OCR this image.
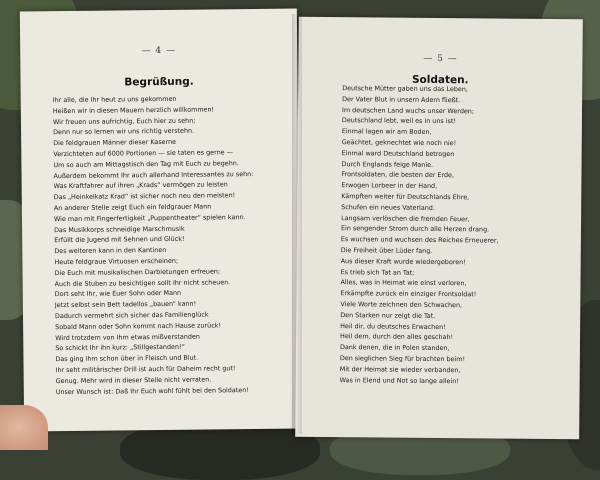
— 4 —
Begrüßung.
Ihr alle, die Ihr heut zu uns gekommen
Heißen wir in diesen Mauern herzlich willkommen!
Wir freuen uns aufrichtig, Euch hier zu sehn;
Denn nur so lernen wir uns richtig verstehn.
Die feldgrauen Männer dieser Kaserne
Verzichteten auf 6000 Portionen — sie taten es gerne —
Um so auch am Mittagstisch den Tag mit Euch zu begehn.
Außerdem bekommt Ihr auch allerhand Interessantes zu sehn:
Was Kraftfahrer auf ihren „Krads“ vermögen zu leisten
Das „Heinkelkatz Krad“ ist sicher noch neu den meisten!
An anderer Stelle zeigt Euch ein feldgrauer Mann
Wie man mit Fingerfertigkeit „Puppentheater“ spielen kann.
Das Musikkorps schneidige Marschmusik
Erfüllt die Jugend mit Sehnen und Glück!
Des weiteren kann in den Kantinen
Heute feldgraue Virtuosen erscheinen;
Die Euch mit musikalischen Darbietungen erfreuen;
Auch die Stuben zu besichtigen sollt Ihr nicht scheuen.
Dort seht Ihr, wie Euer Sohn oder Mann
Jetzt selbst sein Bett tadellos „bauen“ kann!
Dadurch vermehrt sich sicher das Familienglück
Sobald Mann oder Sohn kommt nach Hause zurück!
Wird trotzdem von Ihm etwas mißverstanden
So schickt Ihr ihn kurz: „Stillgestanden!“
Das ging ihm schon über in Fleisch und Blut.
Ihr seht militärischer Drill ist auch für Daheim recht gut!
Genug. Mehr wird in dieser Stelle nicht verraten.
Unser Wunsch ist: Daß Ihr Euch wohl fühlt bei den Soldaten!
— 5 —
Soldaten.
Deutsche Mütter gaben uns das Leben,
Der Vater Blut in unsern Adern fließt.
Im deutschen Land wuchs unser Werden;
Deutschland lebt, weil es in uns ist!
Einmal lagen wir am Boden,
Geächtet, geknechtet wie noch nie!
Einmal ward Deutschland betrogen
Durch Englands feige Manie.
Frontsoldaten, die besten der Erde,
Erwogen Lorbeer in der Hand,
Kämpften weiter für Deutschlands Ehre,
Schufen ein neues Vaterland.
Langsam verlöschen die fremden Feuer,
Ein sengender Strom durch alle Herzen drang.
Es wuchsen und wuchsen des Reiches Erneuerer,
Die Freiheit über Lüder fang.
Aus dieser Kraft wurde wiedergeboren!
Es trieb sich Tat an Tat;
Alles, was in Heimat wie einst verloren,
Erkämpfte zurück ein einziger Frontsoldat!
Viele Worte zeichnen den Schwachen,
Den Starken nur zeigt die Tat.
Heil dir, du deutsches Erwachen!
Heil dem, durch den alles geschah!
Dank denen, die in Polen standen,
Den sieglichen Sieg für brachten beim!
Mit der Heimat sie wieder verbanden,
Was in Elend und Not so lange allein!
